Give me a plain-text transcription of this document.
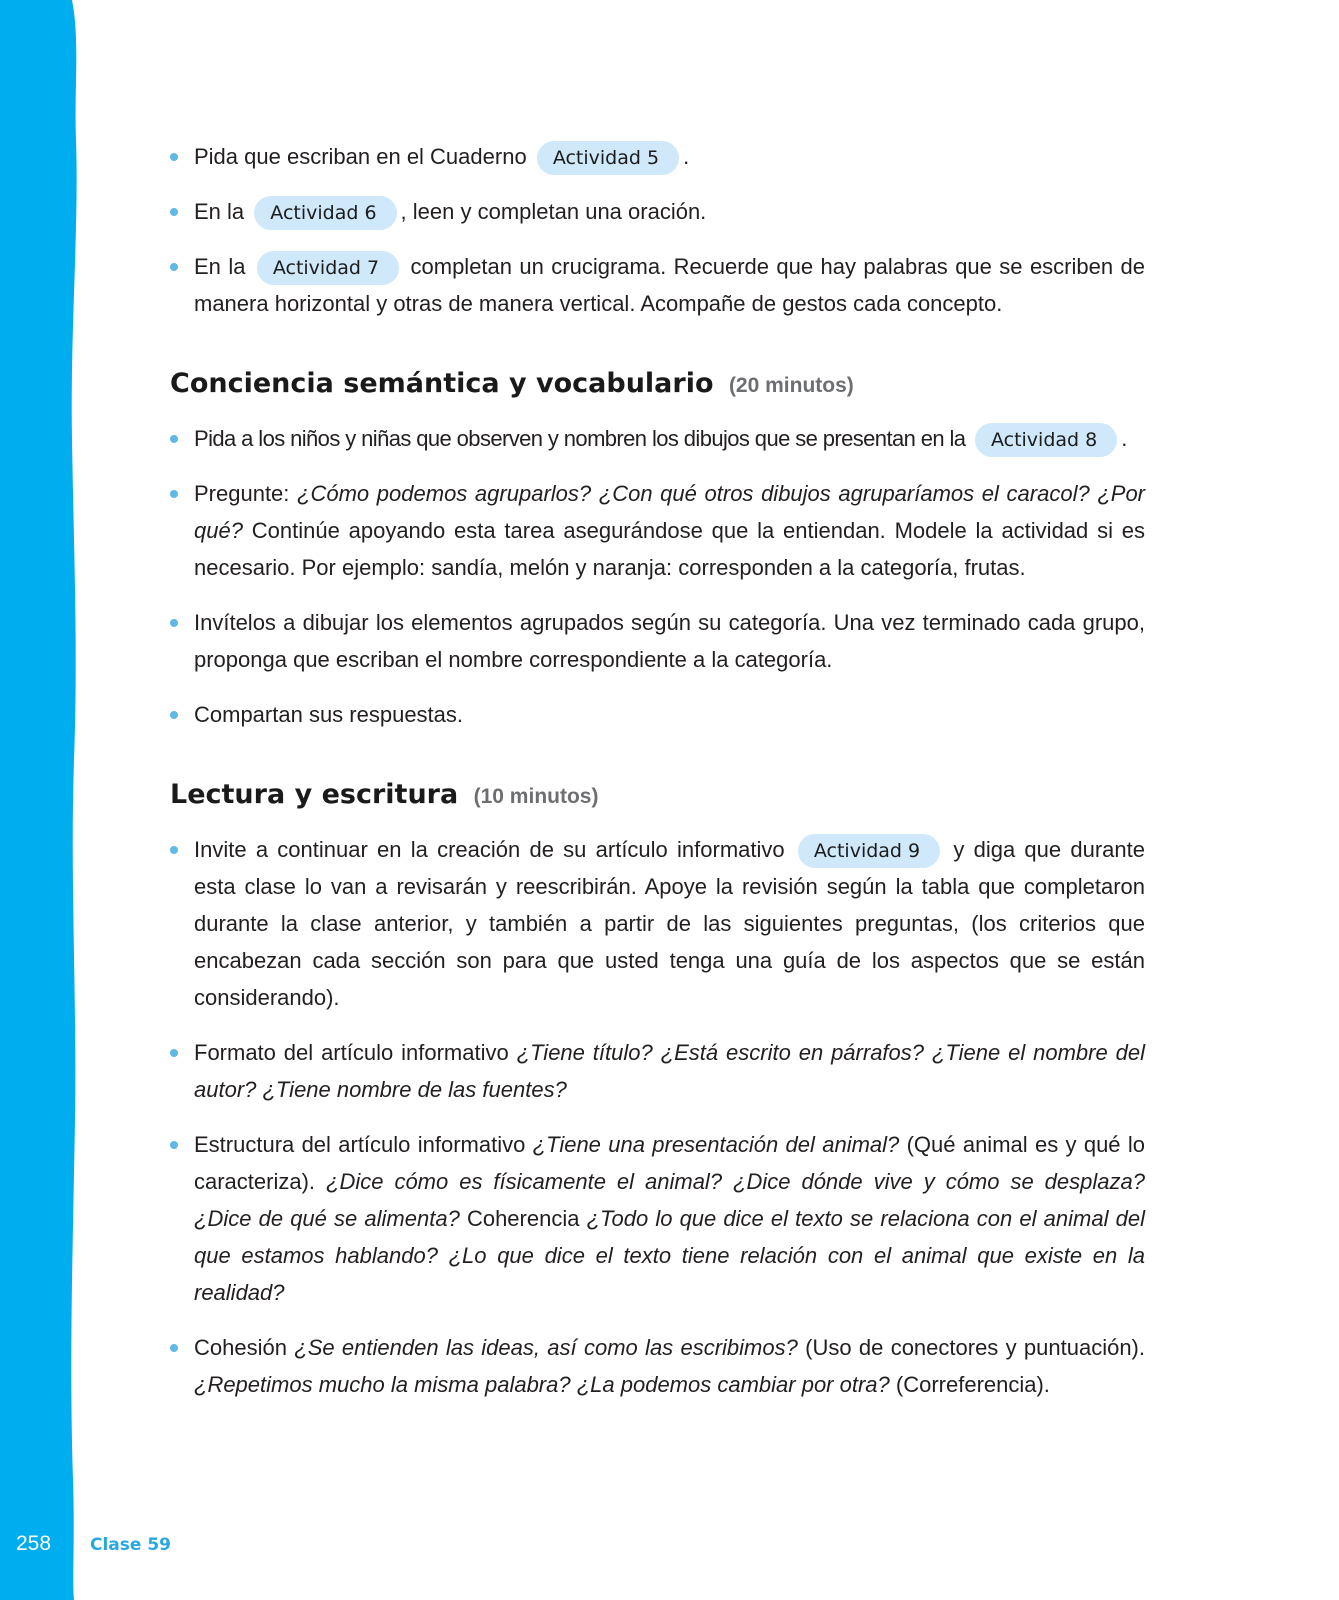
Pida que escriban en el Cuaderno Actividad 5 .
En la Actividad 6 , leen y completan una oración.
En la Actividad 7 completan un crucigrama. Recuerde que hay palabras que se escriben de manera horizontal y otras de manera vertical. Acompañe de gestos cada concepto.
Conciencia semántica y vocabulario (20 minutos)
Pida a los niños y niñas que observen y nombren los dibujos que se presentan en la Actividad 8 .
Pregunte: ¿Cómo podemos agruparlos? ¿Con qué otros dibujos agruparíamos el caracol? ¿Por qué? Continúe apoyando esta tarea asegurándose que la entiendan. Modele la actividad si es necesario. Por ejemplo: sandía, melón y naranja: corresponden a la categoría, frutas.
Invítelos a dibujar los elementos agrupados según su categoría. Una vez terminado cada grupo, proponga que escriban el nombre correspondiente a la categoría.
Compartan sus respuestas.
Lectura y escritura (10 minutos)
Invite a continuar en la creación de su artículo informativo Actividad 9 y diga que durante esta clase lo van a revisarán y reescribirán. Apoye la revisión según la tabla que completaron durante la clase anterior, y también a partir de las siguientes preguntas, (los criterios que encabezan cada sección son para que usted tenga una guía de los aspectos que se están considerando).
Formato del artículo informativo ¿Tiene título? ¿Está escrito en párrafos? ¿Tiene el nombre del autor? ¿Tiene nombre de las fuentes?
Estructura del artículo informativo ¿Tiene una presentación del animal? (Qué animal es y qué lo caracteriza). ¿Dice cómo es físicamente el animal? ¿Dice dónde vive y cómo se desplaza? ¿Dice de qué se alimenta? Coherencia ¿Todo lo que dice el texto se relaciona con el animal del que estamos hablando? ¿Lo que dice el texto tiene relación con el animal que existe en la realidad?
Cohesión ¿Se entienden las ideas, así como las escribimos? (Uso de conectores y puntuación). ¿Repetimos mucho la misma palabra? ¿La podemos cambiar por otra? (Correferencia).
258 Clase 59
